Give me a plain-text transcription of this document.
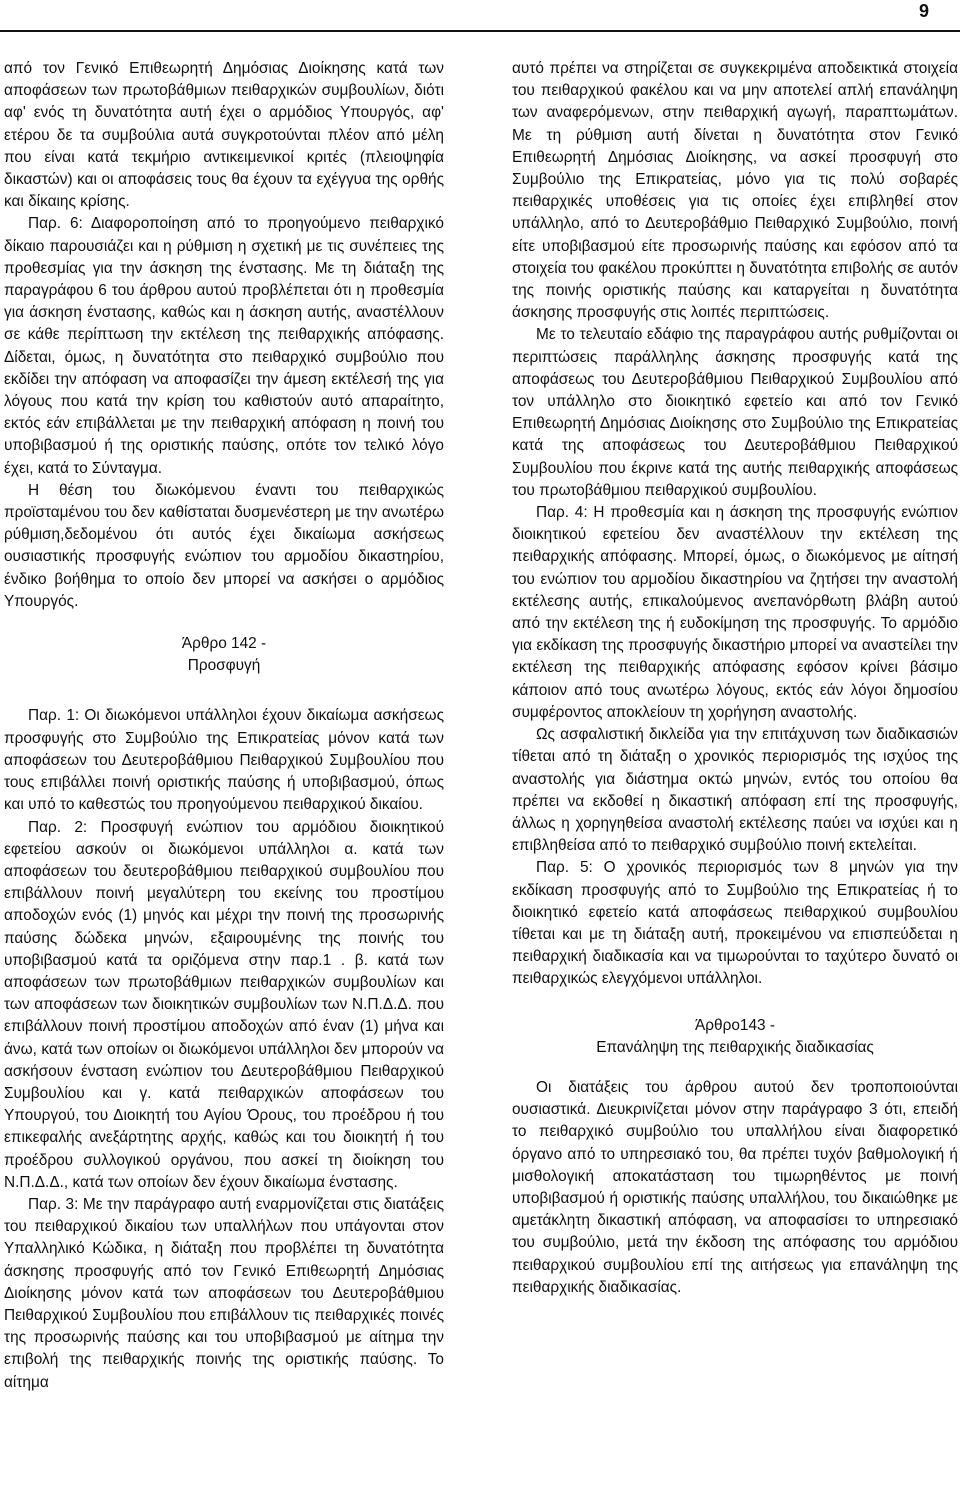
9

από τον Γενικό Επιθεωρητή Δημόσιας Διοίκησης κατά των αποφάσεων των πρωτοβάθμιων πειθαρχικών συμβουλίων, διότι αφ' ενός τη δυνατότητα αυτή έχει ο αρμόδιος Υπουργός, αφ' ετέρου δε τα συμβούλια αυτά συγκροτούνται πλέον από μέλη που είναι κατά τεκμήριο αντικειμενικοί κριτές (πλειοψηφία δικαστών) και οι αποφάσεις τους θα έχουν τα εχέγγυα της ορθής και δίκαιης κρίσης.

Παρ. 6: Διαφοροποίηση από το προηγούμενο πειθαρχικό δίκαιο παρουσιάζει και η ρύθμιση η σχετική με τις συνέπειες της προθεσμίας για την άσκηση της ένστασης. Με τη διάταξη της παραγράφου 6 του άρθρου αυτού προβλέπεται ότι η προθεσμία για άσκηση ένστασης, καθώς και η άσκηση αυτής, αναστέλλουν σε κάθε περίπτωση την εκτέλεση της πειθαρχικής απόφασης. Δίδεται, όμως, η δυνατότητα στο πειθαρχικό συμβούλιο που εκδίδει την απόφαση να αποφασίζει την άμεση εκτέλεσή της για λόγους που κατά την κρίση του καθιστούν αυτό απαραίτητο, εκτός εάν επιβάλλεται με την πειθαρχική απόφαση η ποινή του υποβιβασμού ή της οριστικής παύσης, οπότε τον τελικό λόγο έχει, κατά το Σύνταγμα.

Η θέση του διωκόμενου έναντι του πειθαρχικώς προϊσταμένου του δεν καθίσταται δυσμενέστερη με την ανωτέρω ρύθμιση,δεδομένου ότι αυτός έχει δικαίωμα ασκήσεως ουσιαστικής προσφυγής ενώπιον του αρμοδίου δικαστηρίου, ένδικο βοήθημα το οποίο δεν μπορεί να ασκήσει ο αρμόδιος Υπουργός.

Άρθρο 142 -
Προσφυγή

Παρ. 1: Οι διωκόμενοι υπάλληλοι έχουν δικαίωμα ασκήσεως προσφυγής στο Συμβούλιο της Επικρατείας μόνον κατά των αποφάσεων του Δευτεροβάθμιου Πειθαρχικού Συμβουλίου που τους επιβάλλει ποινή οριστικής παύσης ή υποβιβασμού, όπως και υπό το καθεστώς του προηγούμενου πειθαρχικού δικαίου.

Παρ. 2: Προσφυγή ενώπιον του αρμόδιου διοικητικού εφετείου ασκούν οι διωκόμενοι υπάλληλοι α. κατά των αποφάσεων του δευτεροβάθμιου πειθαρχικού συμβουλίου που επιβάλλουν ποινή μεγαλύτερη του εκείνης του προστίμου αποδοχών ενός (1) μηνός και μέχρι την ποινή της προσωρινής παύσης δώδεκα μηνών, εξαιρουμένης της ποινής του υποβιβασμού κατά τα οριζόμενα στην παρ.1 . β. κατά των αποφάσεων των πρωτοβάθμιων πειθαρχικών συμβουλίων και των αποφάσεων των διοικητικών συμβουλίων των Ν.Π.Δ.Δ. που επιβάλλουν ποινή προστίμου αποδοχών από έναν (1) μήνα και άνω, κατά των οποίων οι διωκόμενοι υπάλληλοι δεν μπορούν να ασκήσουν ένσταση ενώπιον του Δευτεροβάθμιου Πειθαρχικού Συμβουλίου και γ. κατά πειθαρχικών αποφάσεων του Υπουργού, του Διοικητή του Αγίου Όρους, του προέδρου ή του επικεφαλής ανεξάρτητης αρχής, καθώς και του διοικητή ή του προέδρου συλλογικού οργάνου, που ασκεί τη διοίκηση του Ν.Π.Δ.Δ., κατά των οποίων δεν έχουν δικαίωμα ένστασης.

Παρ. 3: Με την παράγραφο αυτή εναρμονίζεται στις διατάξεις του πειθαρχικού δικαίου των υπαλλήλων που υπάγονται στον Υπαλληλικό Κώδικα, η διάταξη που προβλέπει τη δυνατότητα άσκησης προσφυγής από τον Γενικό Επιθεωρητή Δημόσιας Διοίκησης μόνον κατά των αποφάσεων του Δευτεροβάθμιου Πειθαρχικού Συμβουλίου που επιβάλλουν τις πειθαρχικές ποινές της προσωρινής παύσης και του υποβιβασμού με αίτημα την επιβολή της πειθαρχικής ποινής της οριστικής παύσης. Το αίτημα

αυτό πρέπει να στηρίζεται σε συγκεκριμένα αποδεικτικά στοιχεία του πειθαρχικού φακέλου και να μην αποτελεί απλή επανάληψη των αναφερόμενων, στην πειθαρχική αγωγή, παραπτωμάτων. Με τη ρύθμιση αυτή δίνεται η δυνατότητα στον Γενικό Επιθεωρητή Δημόσιας Διοίκησης, να ασκεί προσφυγή στο Συμβούλιο της Επικρατείας, μόνο για τις πολύ σοβαρές πειθαρχικές υποθέσεις για τις οποίες έχει επιβληθεί στον υπάλληλο, από το Δευτεροβάθμιο Πειθαρχικό Συμβούλιο, ποινή είτε υποβιβασμού είτε προσωρινής παύσης και εφόσον από τα στοιχεία του φακέλου προκύπτει η δυνατότητα επιβολής σε αυτόν της ποινής οριστικής παύσης και καταργείται η δυνατότητα άσκησης προσφυγής στις λοιπές περιπτώσεις.

Με το τελευταίο εδάφιο της παραγράφου αυτής ρυθμίζονται οι περιπτώσεις παράλληλης άσκησης προσφυγής κατά της αποφάσεως του Δευτεροβάθμιου Πειθαρχικού Συμβουλίου από τον υπάλληλο στο διοικητικό εφετείο και από τον Γενικό Επιθεωρητή Δημόσιας Διοίκησης στο Συμβούλιο της Επικρατείας κατά της αποφάσεως του Δευτεροβάθμιου Πειθαρχικού Συμβουλίου που έκρινε κατά της αυτής πειθαρχικής αποφάσεως του πρωτοβάθμιου πειθαρχικού συμβουλίου.

Παρ. 4: Η προθεσμία και η άσκηση της προσφυγής ενώπιον διοικητικού εφετείου δεν αναστέλλουν την εκτέλεση της πειθαρχικής απόφασης. Μπορεί, όμως, ο διωκόμενος με αίτησή του ενώπιον του αρμοδίου δικαστηρίου να ζητήσει την αναστολή εκτέλεσης αυτής, επικαλούμενος ανεπανόρθωτη βλάβη αυτού από την εκτέλεση της ή ευδοκίμηση της προσφυγής. Το αρμόδιο για εκδίκαση της προσφυγής δικαστήριο μπορεί να αναστείλει την εκτέλεση της πειθαρχικής απόφασης εφόσον κρίνει βάσιμο κάποιον από τους ανωτέρω λόγους, εκτός εάν λόγοι δημοσίου συμφέροντος αποκλείουν τη χορήγηση αναστολής.

Ως ασφαλιστική δικλείδα για την επιτάχυνση των διαδικασιών τίθεται από τη διάταξη ο χρονικός περιορισμός της ισχύος της αναστολής για διάστημα οκτώ μηνών, εντός του οποίου θα πρέπει να εκδοθεί η δικαστική απόφαση επί της προσφυγής, άλλως η χορηγηθείσα αναστολή εκτέλεσης παύει να ισχύει και η επιβληθείσα από το πειθαρχικό συμβούλιο ποινή εκτελείται.

Παρ. 5: Ο χρονικός περιορισμός των 8 μηνών για την εκδίκαση προσφυγής από το Συμβούλιο της Επικρατείας ή το διοικητικό εφετείο κατά αποφάσεως πειθαρχικού συμβουλίου τίθεται και με τη διάταξη αυτή, προκειμένου να επισπεύδεται η πειθαρχική διαδικασία και να τιμωρούνται το ταχύτερο δυνατό οι πειθαρχικώς ελεγχόμενοι υπάλληλοι.

Άρθρο143 -
Επανάληψη της πειθαρχικής διαδικασίας

Οι διατάξεις του άρθρου αυτού δεν τροποποιούνται ουσιαστικά. Διευκρινίζεται μόνον στην παράγραφο 3 ότι, επειδή το πειθαρχικό συμβούλιο του υπαλλήλου είναι διαφορετικό όργανο από το υπηρεσιακό του, θα πρέπει τυχόν βαθμολογική ή μισθολογική αποκατάσταση του τιμωρηθέντος με ποινή υποβιβασμού ή οριστικής παύσης υπαλλήλου, του δικαιώθηκε με αμετάκλητη δικαστική απόφαση, να αποφασίσει το υπηρεσιακό του συμβούλιο, μετά την έκδοση της απόφασης του αρμόδιου πειθαρχικού συμβουλίου επί της αιτήσεως για επανάληψη της πειθαρχικής διαδικασίας.
